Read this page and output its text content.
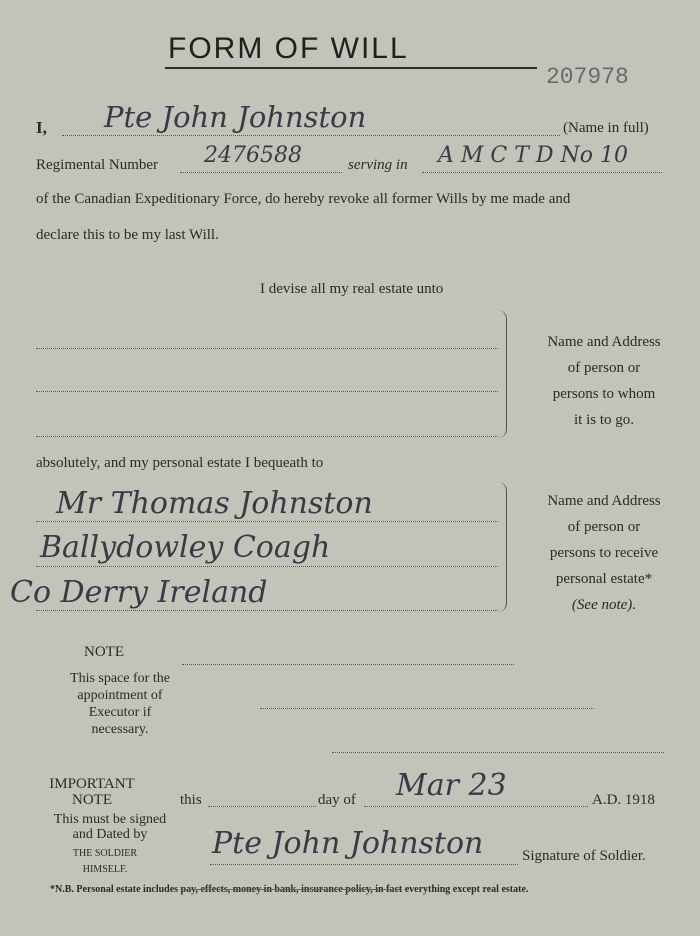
FORM OF WILL
207978
I, Pte John Johnston	(Name in full)
Regimental Number 2476588	serving in A M C T D No 10
of the Canadian Expeditionary Force, do hereby revoke all former Wills by me made and
declare this to be my last Will.
I devise all my real estate unto
Name and Address
of person or
persons to whom
it is to go.
absolutely, and my personal estate I bequeath to
Mr Thomas Johnston
Ballydowley Coagh
Co Derry Ireland
Name and Address
of person or
persons to receive
personal estate*
(See note).
NOTE
This space for the
appointment of
Executor if
necessary.
IMPORTANT
NOTE
This must be signed
and Dated by
THE SOLDIER
HIMSELF.
this	day of Mar 23	A.D. 1918
Pte John Johnston	Signature of Soldier.
*N.B. Personal estate includes pay, effects, money in bank, insurance policy, in fact everything except real estate.
